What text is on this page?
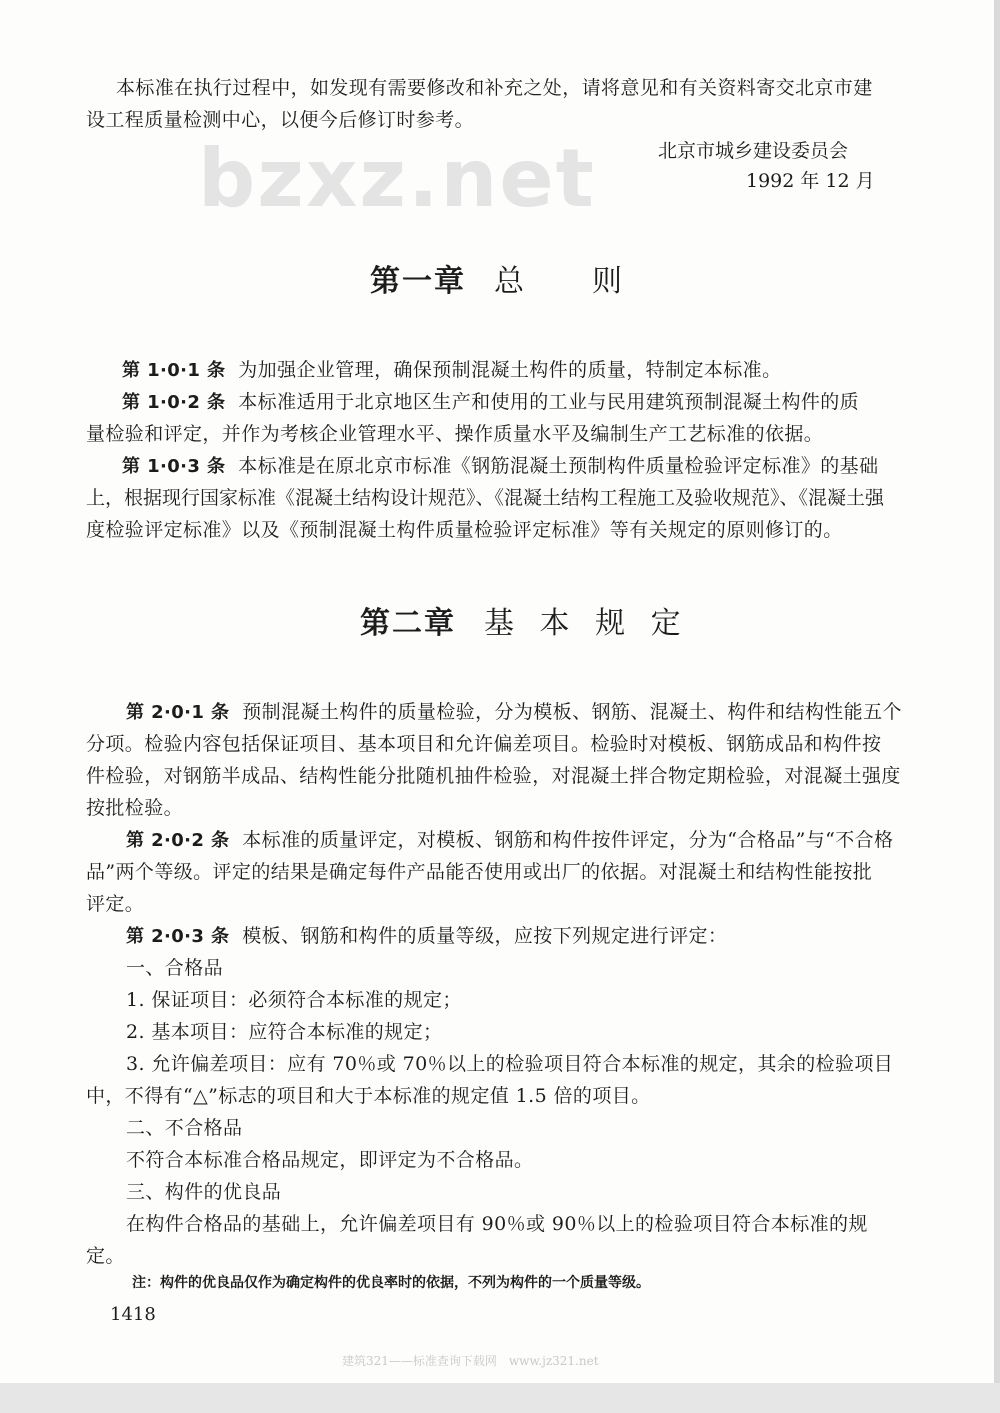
bzxz.net
本标准在执行过程中，如发现有需要修改和补充之处，请将意见和有关资料寄交北京市建
设工程质量检测中心，以便今后修订时参考。
北京市城乡建设委员会
1992 年 12 月
第一章 总 则
第 1·0·1 条 为加强企业管理，确保预制混凝土构件的质量，特制定本标准。
第 1·0·2 条 本标准适用于北京地区生产和使用的工业与民用建筑预制混凝土构件的质
量检验和评定，并作为考核企业管理水平、操作质量水平及编制生产工艺标准的依据。
第 1·0·3 条 本标准是在原北京市标准《钢筋混凝土预制构件质量检验评定标准》的基础
上，根据现行国家标准《混凝土结构设计规范》、《混凝土结构工程施工及验收规范》、《混凝土强
度检验评定标准》以及《预制混凝土构件质量检验评定标准》等有关规定的原则修订的。
第二章 基 本 规 定
第 2·0·1 条 预制混凝土构件的质量检验，分为模板、钢筋、混凝土、构件和结构性能五个
分项。检验内容包括保证项目、基本项目和允许偏差项目。检验时对模板、钢筋成品和构件按
件检验，对钢筋半成品、结构性能分批随机抽件检验，对混凝土拌合物定期检验，对混凝土强度
按批检验。
第 2·0·2 条 本标准的质量评定，对模板、钢筋和构件按件评定，分为“合格品”与“不合格
品”两个等级。评定的结果是确定每件产品能否使用或出厂的依据。对混凝土和结构性能按批
评定。
第 2·0·3 条 模板、钢筋和构件的质量等级，应按下列规定进行评定：
一、合格品
1. 保证项目：必须符合本标准的规定；
2. 基本项目：应符合本标准的规定；
3. 允许偏差项目：应有 70％或 70％以上的检验项目符合本标准的规定，其余的检验项目
中，不得有“△”标志的项目和大于本标准的规定值 1.5 倍的项目。
二、不合格品
不符合本标准合格品规定，即评定为不合格品。
三、构件的优良品
在构件合格品的基础上，允许偏差项目有 90％或 90％以上的检验项目符合本标准的规
定。
注：构件的优良品仅作为确定构件的优良率时的依据，不列为构件的一个质量等级。
1418
建筑321——标准查询下载网　www.jz321.net
